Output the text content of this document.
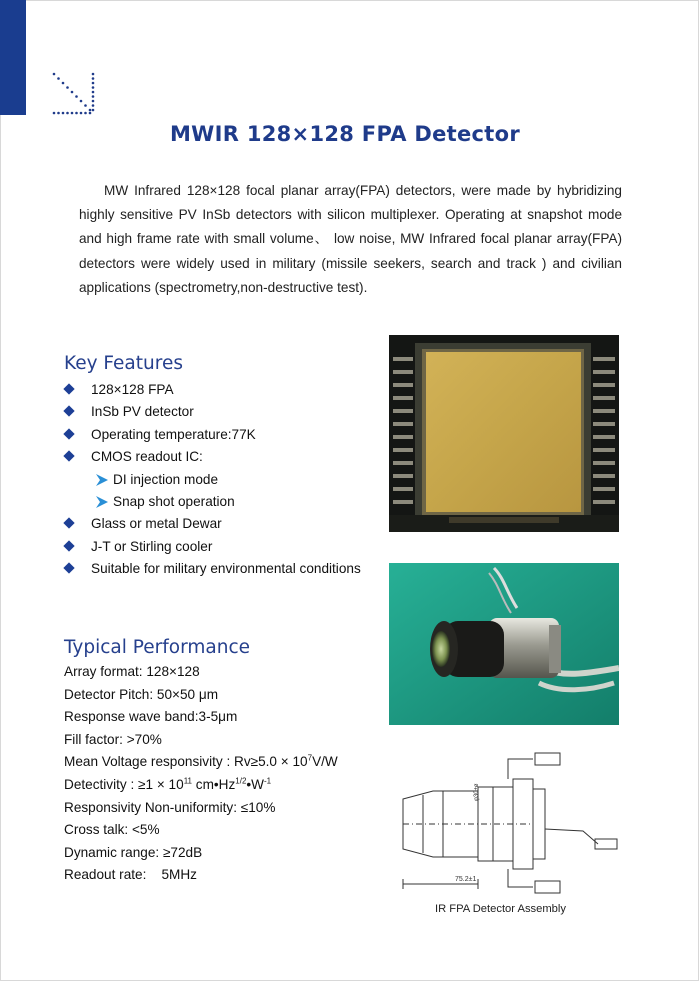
MWIR 128×128 FPA Detector
MW Infrared 128×128 focal planar array(FPA) detectors, were made by hybridizing highly sensitive PV InSb detectors with silicon multiplexer. Operating at snapshot mode and high frame rate with small volume、 low noise, MW Infrared focal planar array(FPA) detectors were widely used in military (missile seekers, search and track ) and civilian applications (spectrometry,non-destructive test).
Key Features
128×128 FPA
InSb PV detector
Operating temperature:77K
CMOS readout IC:
DI injection mode
Snap shot operation
Glass or metal Dewar
J-T or Stirling cooler
Suitable for military environmental conditions
Typical Performance
Array format: 128×128
Detector Pitch: 50×50 μm
Response wave band:3-5μm
Fill factor: >70%
Mean Voltage responsivity : $Rv\ge 5.0 \times 10^7V/W$
Detectivity : $\ge 1 \times 10^{11}$ $cm•Hz^{1/2}•W^{-1}$
Responsivity Non-uniformity: ≤10%
Cross talk: <5%
Dynamic range: ≥72dB
Readout rate:    5MHz
φ30±ø
75.2±1
IR FPA Detector Assembly
